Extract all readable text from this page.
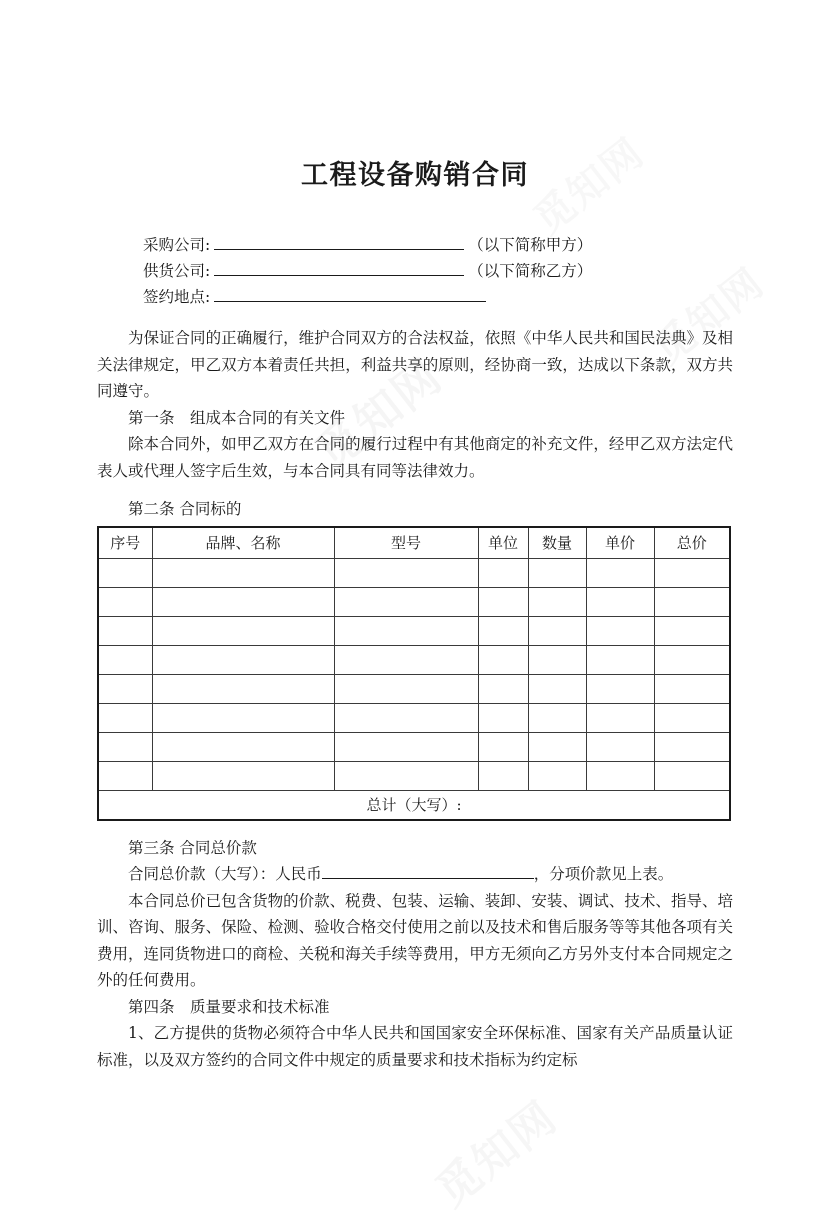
工程设备购销合同
采购公司:	（以下简称甲方）
供货公司:	（以下简称乙方）
签约地点:

为保证合同的正确履行，维护合同双方的合法权益，依照《中华人民共和国民法典》及相关法律规定，甲乙双方本着责任共担，利益共享的原则，经协商一致，达成以下条款，双方共同遵守。

第一条　组成本合同的有关文件

除本合同外，如甲乙双方在合同的履行过程中有其他商定的补充文件，经甲乙双方法定代表人或代理人签字后生效，与本合同具有同等法律效力。

第二条 合同标的

序号	品牌、名称	型号	单位	数量	单价	总价

总计（大写）:						

第三条 合同总价款

合同总价款（大写）：人民币	，分项价款见上表。

本合同总价已包含货物的价款、税费、包装、运输、装卸、安装、调试、技术、指导、培训、咨询、服务、保险、检测、验收合格交付使用之前以及技术和售后服务等等其他各项有关费用，连同货物进口的商检、关税和海关手续等费用，甲方无须向乙方另外支付本合同规定之外的任何费用。

第四条　质量要求和技术标准

1、乙方提供的货物必须符合中华人民共和国国家安全环保标准、国家有关产品质量认证标准，以及双方签约的合同文件中规定的质量要求和技术指标为约定标
